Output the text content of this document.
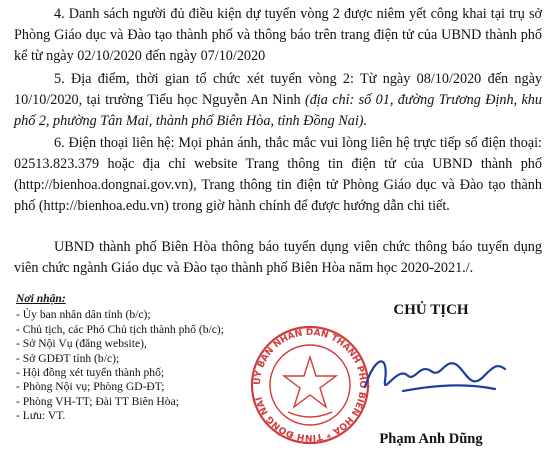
4. Danh sách người đủ điều kiện dự tuyển vòng 2 được niêm yết công khai tại trụ sở Phòng Giáo dục và Đào tạo thành phố và thông báo trên trang điện tử của UBND thành phố kể từ ngày 02/10/2020 đến ngày 07/10/2020

5. Địa điểm, thời gian tổ chức xét tuyển vòng 2: Từ ngày 08/10/2020 đến ngày 10/10/2020, tại trường Tiểu học Nguyễn An Ninh (địa chỉ: số 01, đường Trương Định, khu phố 2, phường Tân Mai, thành phố Biên Hòa, tỉnh Đồng Nai).

6. Điện thoại liên hệ: Mọi phản ánh, thắc mắc vui lòng liên hệ trực tiếp số điện thoại: 02513.823.379 hoặc địa chỉ website Trang thông tin điện tử của UBND thành phố (http://bienhoa.dongnai.gov.vn), Trang thông tin điện tử Phòng Giáo dục và Đào tạo thành phố (http://bienhoa.edu.vn) trong giờ hành chính để được hướng dẫn chi tiết.

UBND thành phố Biên Hòa thông báo tuyển dụng viên chức thông báo tuyển dụng viên chức ngành Giáo dục và Đào tạo thành phố Biên Hòa năm học 2020-2021./.

Nơi nhận:
- Ủy ban nhân dân tỉnh (b/c);
- Chủ tịch, các Phó Chủ tịch thành phố (b/c);
- Sở Nội Vụ (đăng website),
- Sở GDĐT tỉnh (b/c);
- Hội đồng xét tuyển thành phố;
- Phòng Nội vụ; Phòng GD-ĐT;
- Phòng VH-TT; Đài TT Biên Hòa;
- Lưu: VT.
CHỦ TỊCH
ỦY BAN NHÂN DÂN THÀNH PHỐ BIÊN HÒA * TỈNH ĐỒNG NAI
Phạm Anh Dũng
